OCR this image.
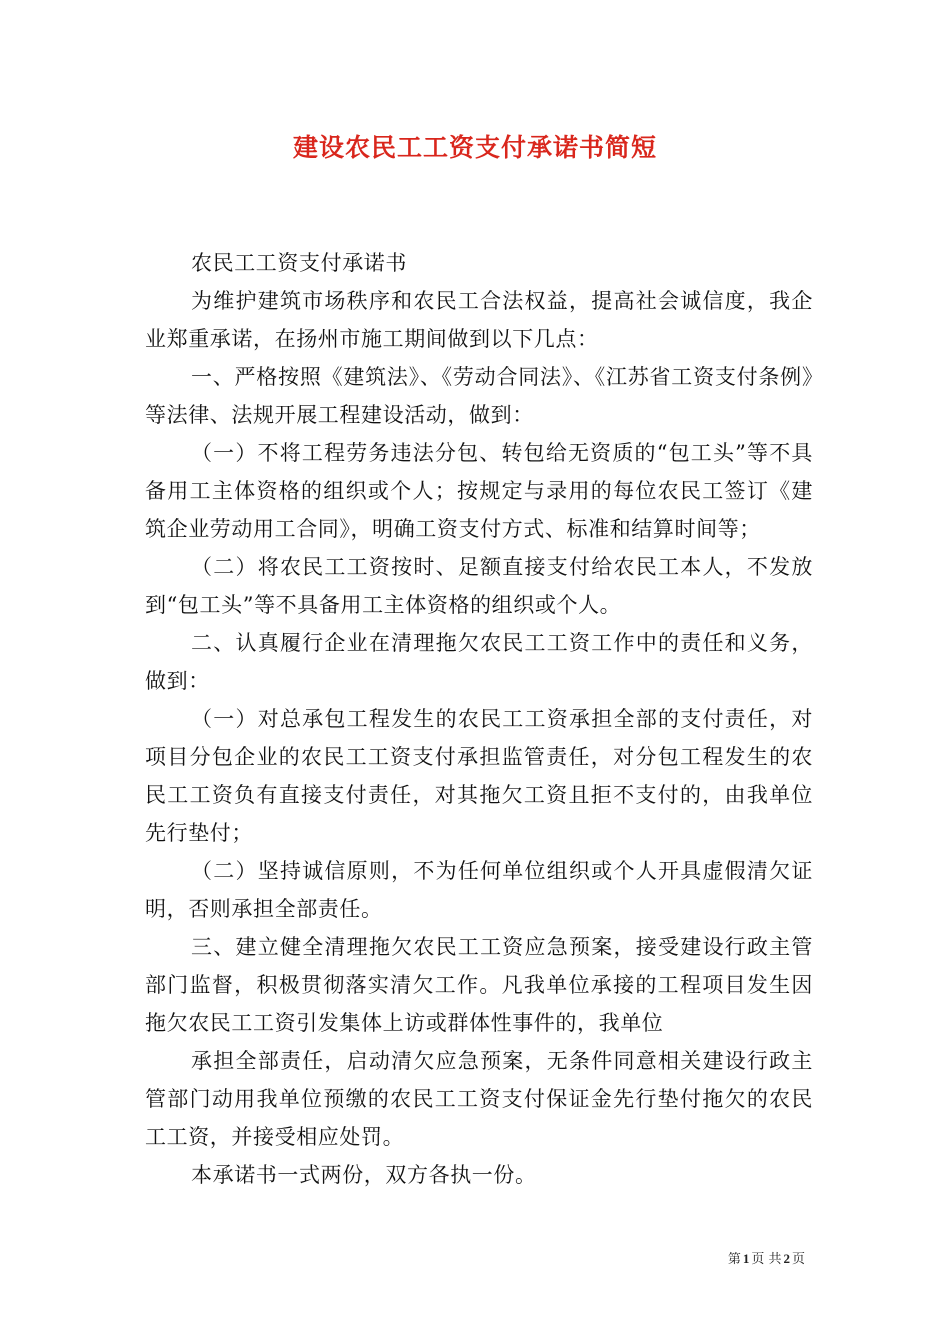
建设农民工工资支付承诺书简短

农民工工资支付承诺书

为维护建筑市场秩序和农民工合法权益，提高社会诚信度，我企业郑重承诺，在扬州市施工期间做到以下几点：

一、严格按照《建筑法》、《劳动合同法》、《江苏省工资支付条例》等法律、法规开展工程建设活动，做到：

（一）不将工程劳务违法分包、转包给无资质的“包工头”等不具备用工主体资格的组织或个人；按规定与录用的每位农民工签订《建筑企业劳动用工合同》，明确工资支付方式、标准和结算时间等；

（二）将农民工工资按时、足额直接支付给农民工本人，不发放到“包工头”等不具备用工主体资格的组织或个人。

二、认真履行企业在清理拖欠农民工工资工作中的责任和义务，做到：

（一）对总承包工程发生的农民工工资承担全部的支付责任，对项目分包企业的农民工工资支付承担监管责任，对分包工程发生的农民工工资负有直接支付责任，对其拖欠工资且拒不支付的，由我单位先行垫付；

（二）坚持诚信原则，不为任何单位组织或个人开具虚假清欠证明，否则承担全部责任。

三、建立健全清理拖欠农民工工资应急预案，接受建设行政主管部门监督，积极贯彻落实清欠工作。凡我单位承接的工程项目发生因拖欠农民工工资引发集体上访或群体性事件的，我单位

承担全部责任，启动清欠应急预案，无条件同意相关建设行政主管部门动用我单位预缴的农民工工资支付保证金先行垫付拖欠的农民工工资，并接受相应处罚。

本承诺书一式两份，双方各执一份。

第 1 页 共 2 页
